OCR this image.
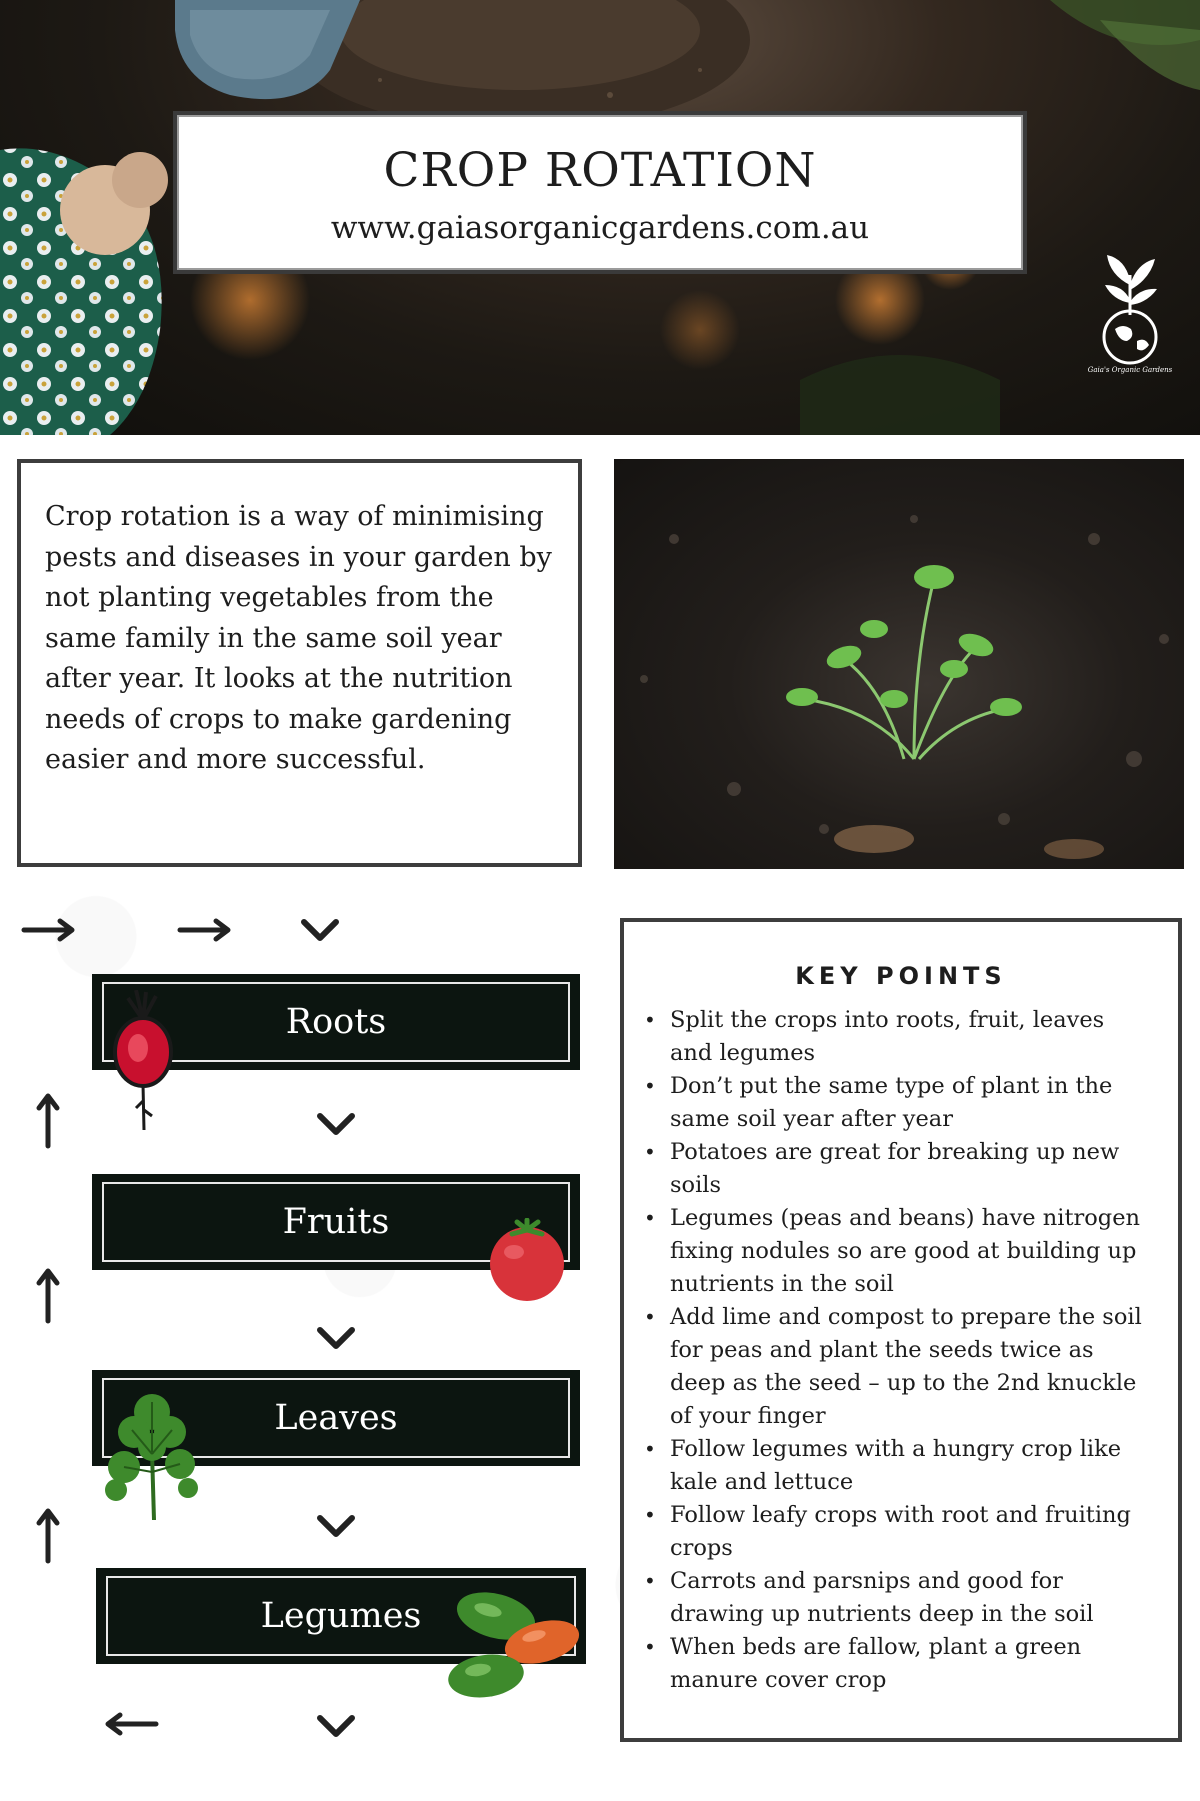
CROP ROTATION
www.gaiasorganicgardens.com.au
Gaia's Organic Gardens
Crop rotation is a way of minimising pests and diseases in your garden by not planting vegetables from the same family in the same soil year after year. It looks at the nutrition needs of crops to make gardening easier and more successful.
Roots
Fruits
Leaves
Legumes
KEY POINTS
• Split the crops into roots, fruit, leaves and legumes
• Don’t put the same type of plant in the same soil year after year
• Potatoes are great for breaking up new soils
• Legumes (peas and beans) have nitrogen fixing nodules so are good at building up nutrients in the soil
• Add lime and compost to prepare the soil for peas and plant the seeds twice as deep as the seed – up to the 2nd knuckle of your finger
• Follow legumes with a hungry crop like kale and lettuce
• Follow leafy crops with root and fruiting crops
• Carrots and parsnips and good for drawing up nutrients deep in the soil
• When beds are fallow, plant a green manure cover crop
